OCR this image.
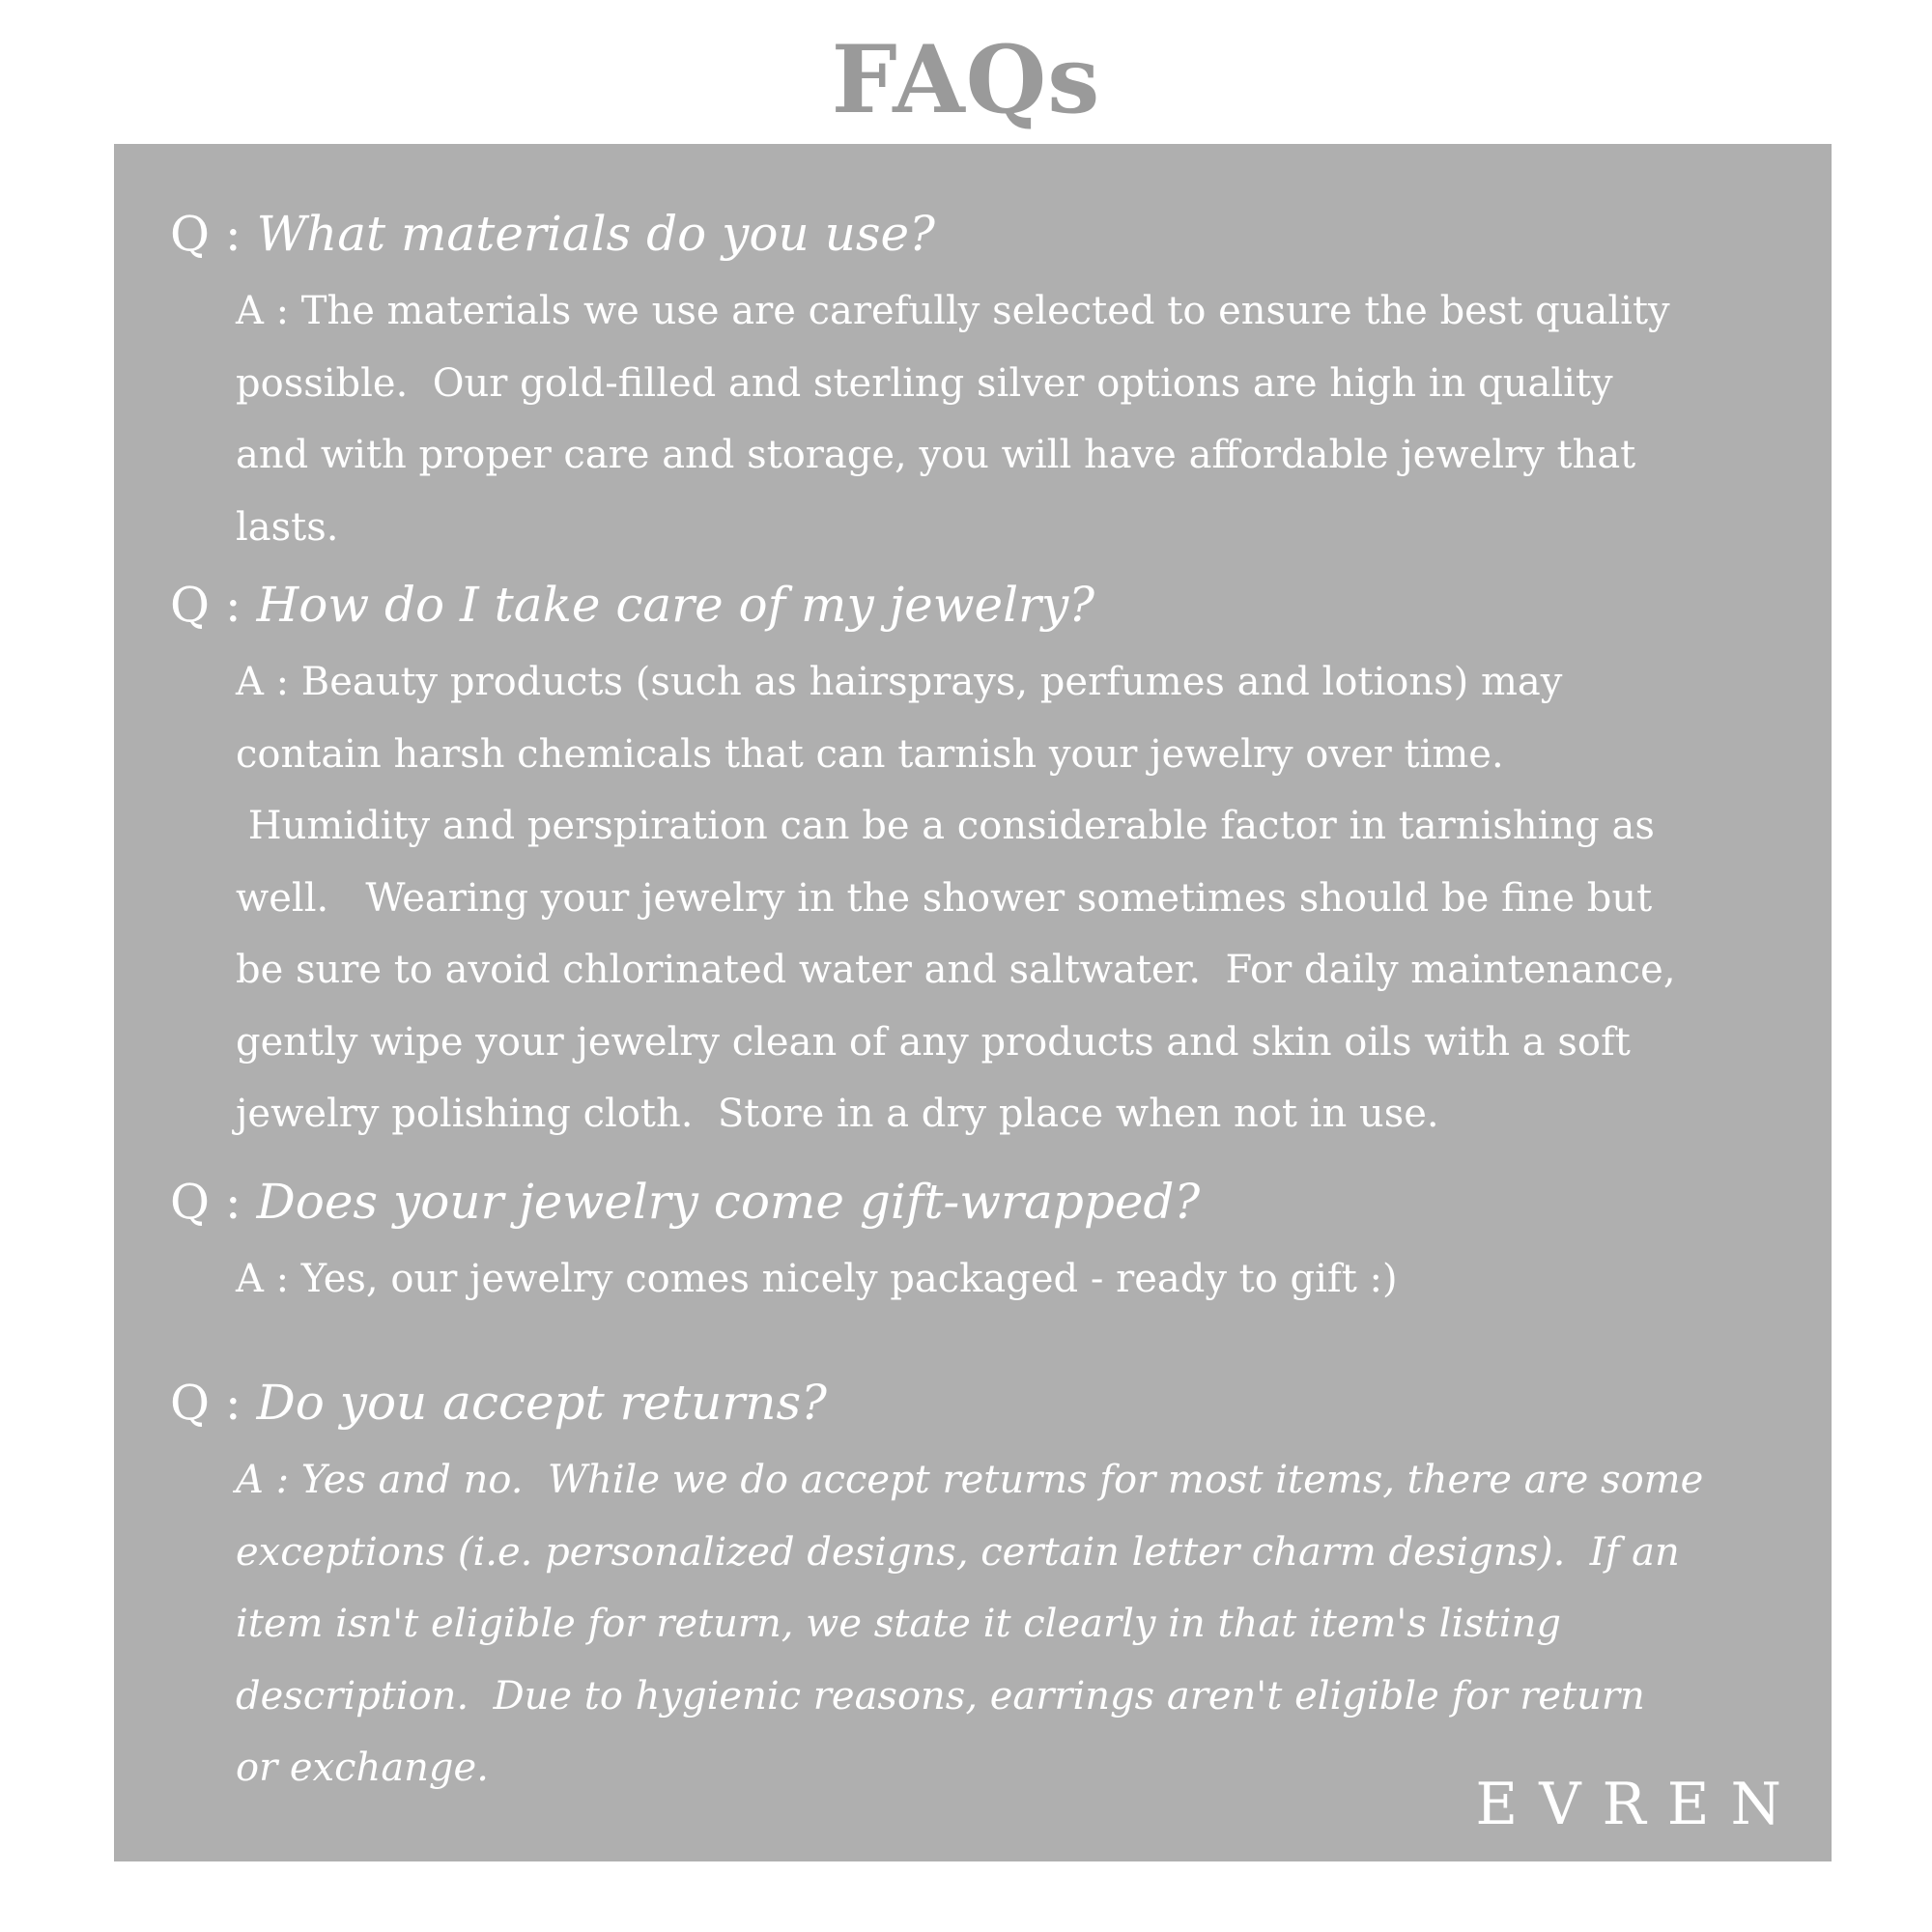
FAQs
Q : What materials do you use?
A : The materials we use are carefully selected to ensure the best quality
possible.  Our gold-filled and sterling silver options are high in quality
and with proper care and storage, you will have affordable jewelry that
lasts.
Q : How do I take care of my jewelry?
A : Beauty products (such as hairsprays, perfumes and lotions) may
contain harsh chemicals that can tarnish your jewelry over time.
Humidity and perspiration can be a considerable factor in tarnishing as
well.   Wearing your jewelry in the shower sometimes should be fine but
be sure to avoid chlorinated water and saltwater.  For daily maintenance,
gently wipe your jewelry clean of any products and skin oils with a soft
jewelry polishing cloth.  Store in a dry place when not in use.
Q : Does your jewelry come gift-wrapped?
A : Yes, our jewelry comes nicely packaged - ready to gift :)
Q : Do you accept returns?
A : Yes and no.  While we do accept returns for most items, there are some
exceptions (i.e. personalized designs, certain letter charm designs).  If an
item isn't eligible for return, we state it clearly in that item's listing
description.  Due to hygienic reasons, earrings aren't eligible for return
or exchange.
EVREN
